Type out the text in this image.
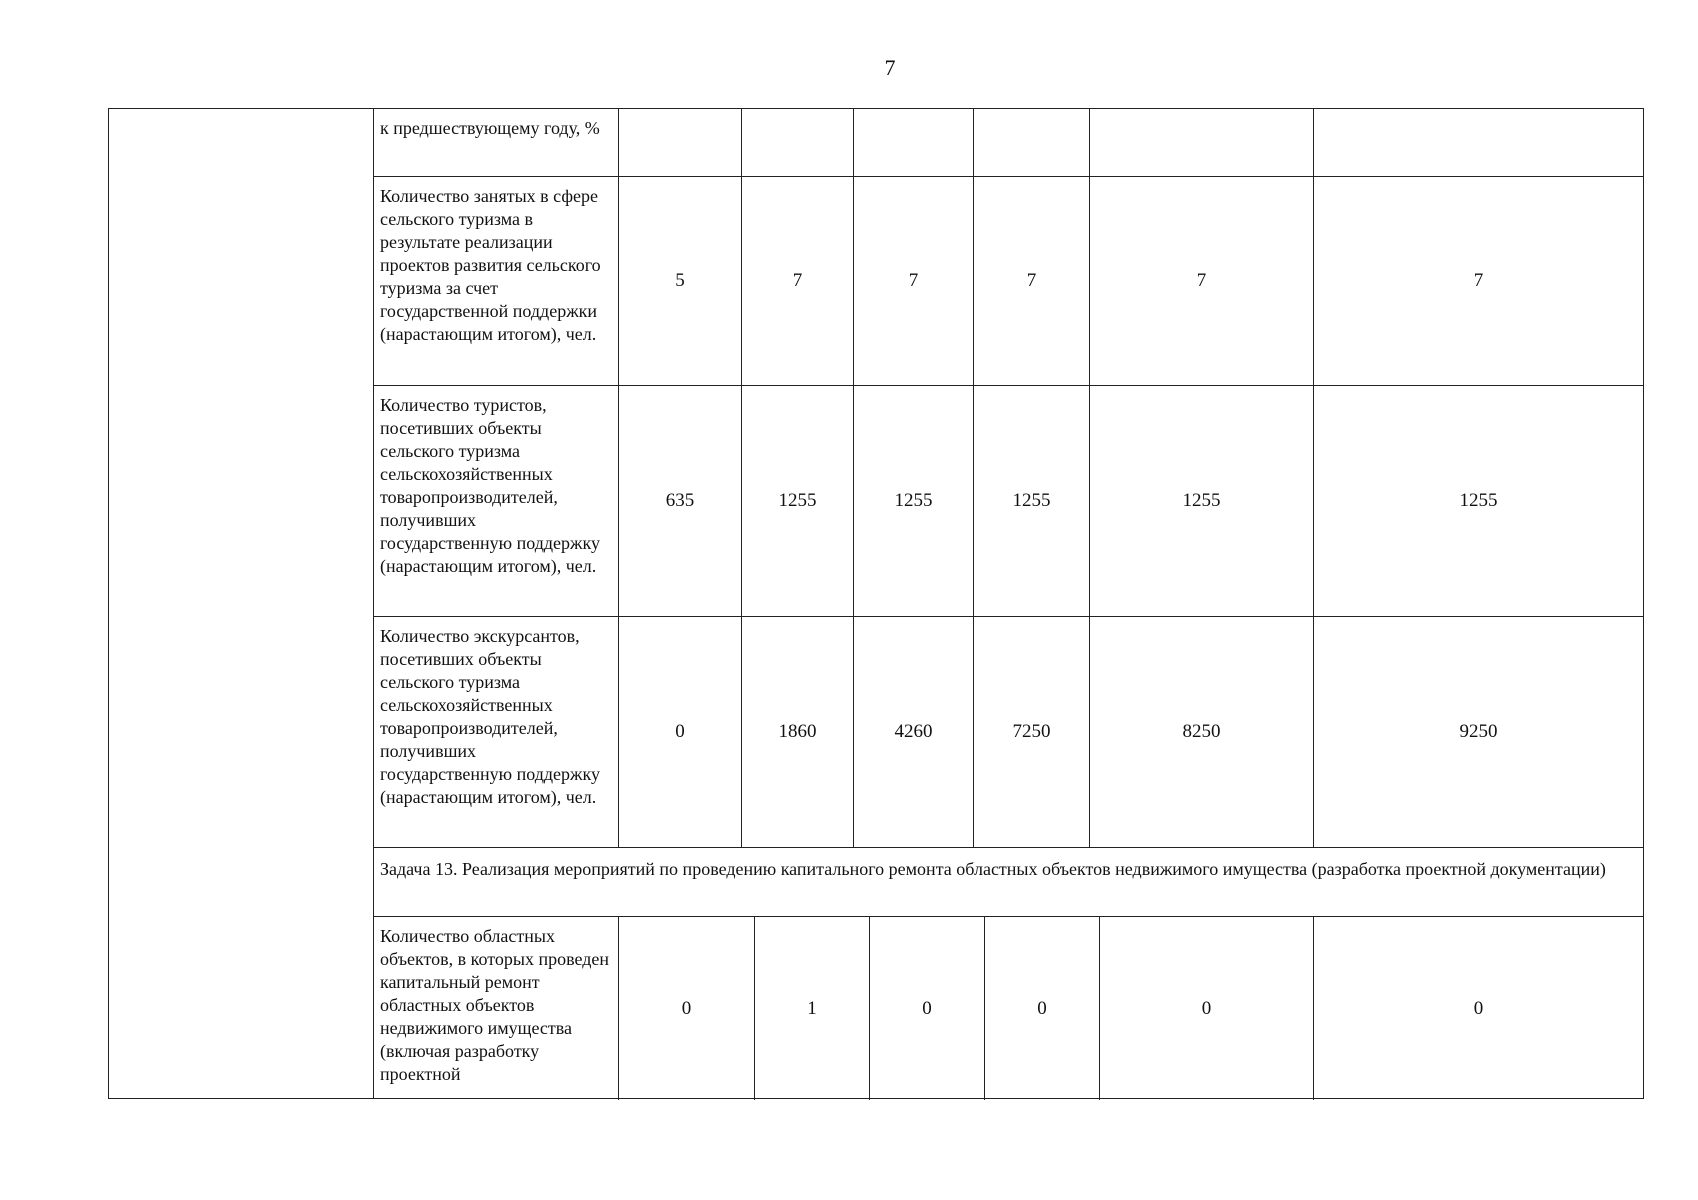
7
к предшествующему году, %
Количество занятых в сфере сельского туризма в результате реализации проектов развития сельского туризма за счет государственной поддержки (нарастающим итогом), чел.
5	7	7	7	7	7
Количество туристов, посетивших объекты сельского туризма сельскохозяйственных товаропроизводителей, получивших государственную поддержку (нарастающим итогом), чел.
635	1255	1255	1255	1255	1255
Количество экскурсантов, посетивших объекты сельского туризма сельскохозяйственных товаропроизводителей, получивших государственную поддержку (нарастающим итогом), чел.
0	1860	4260	7250	8250	9250
Задача 13. Реализация мероприятий по проведению капитального ремонта областных объектов недвижимого имущества (разработка проектной документации)
Количество областных объектов, в которых проведен капитальный ремонт областных объектов недвижимого имущества (включая разработку проектной
0	1	0	0	0	0
